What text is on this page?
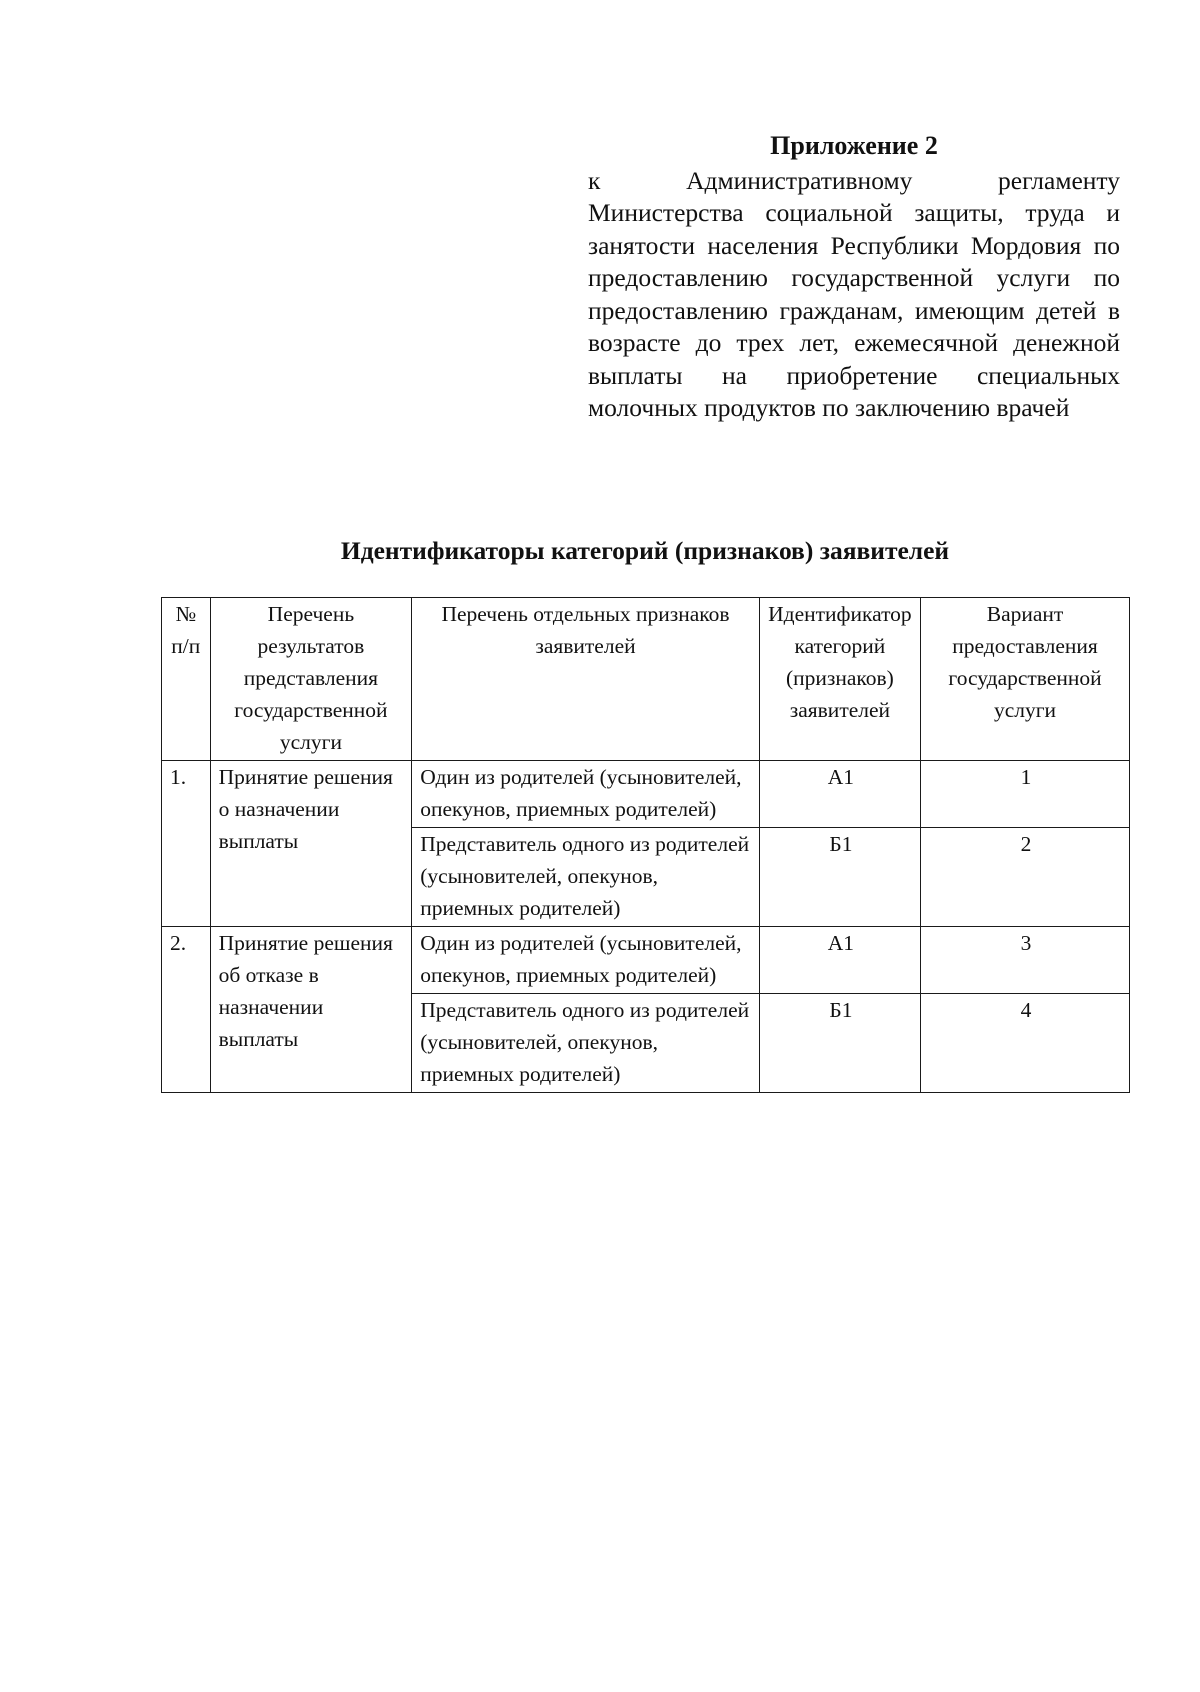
Приложение 2

к Административному регламенту Министерства социальной защиты, труда и занятости населения Республики Мордовия по предоставлению государственной услуги по предоставлению гражданам, имеющим детей в возрасте до трех лет, ежемесячной денежной выплаты на приобретение специальных молочных продуктов по заключению врачей

Идентификаторы категорий (признаков) заявителей
№ п/п	Перечень результатов представления государственной услуги	Перечень отдельных признаков заявителей	Идентификатор категорий (признаков) заявителей	Вариант предоставления государственной услуги
1.	Принятие решения о назначении выплаты	Один из родителей (усыновителей, опекунов, приемных родителей)	А1	1
		Представитель одного из родителей (усыновителей, опекунов, приемных родителей)	Б1	2
2.	Принятие решения об отказе в назначении выплаты	Один из родителей (усыновителей, опекунов, приемных родителей)	А1	3
		Представитель одного из родителей (усыновителей, опекунов, приемных родителей)	Б1	4
